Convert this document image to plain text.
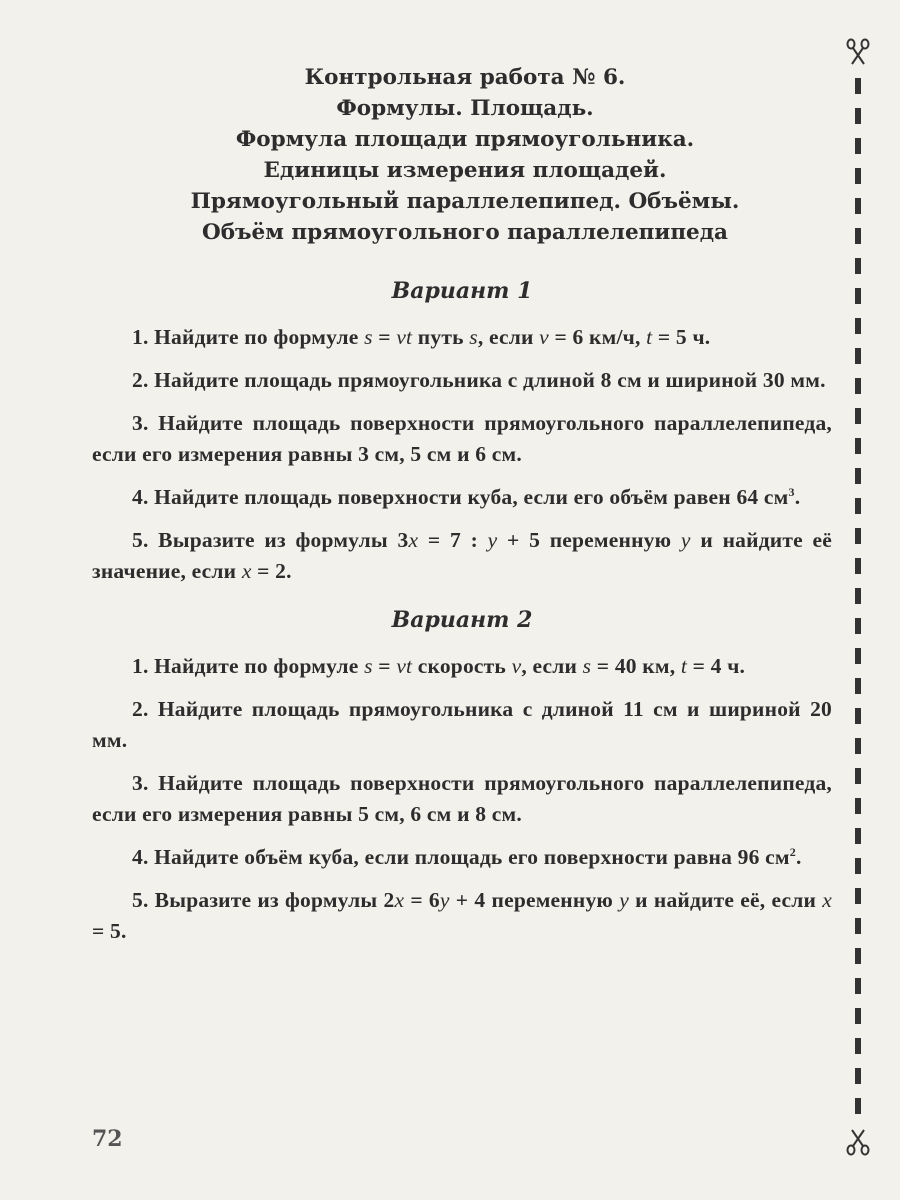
Контрольная работа № 6.
Формулы. Площадь.
Формула площади прямоугольника.
Единицы измерения площадей.
Прямоугольный параллелепипед. Объёмы.
Объём прямоугольного параллелепипеда
Вариант 1
1. Найдите по формуле s = vt путь s, если v = 6 км/ч, t = 5 ч.
2. Найдите площадь прямоугольника с длиной 8 см и шириной 30 мм.
3. Найдите площадь поверхности прямоугольного параллелепипеда, если его измерения равны 3 см, 5 см и 6 см.
4. Найдите площадь поверхности куба, если его объём равен 64 $см^3$.
5. Выразите из формулы 3x = 7 : y + 5 переменную y и найдите её значение, если x = 2.
Вариант 2
1. Найдите по формуле s = vt скорость v, если s = 40 км, t = 4 ч.
2. Найдите площадь прямоугольника с длиной 11 см и шириной 20 мм.
3. Найдите площадь поверхности прямоугольного параллелепипеда, если его измерения равны 5 см, 6 см и 8 см.
4. Найдите объём куба, если площадь его поверхности равна 96 $см^2$.
5. Выразите из формулы 2x = 6y + 4 переменную y и найдите её, если x = 5.
72
